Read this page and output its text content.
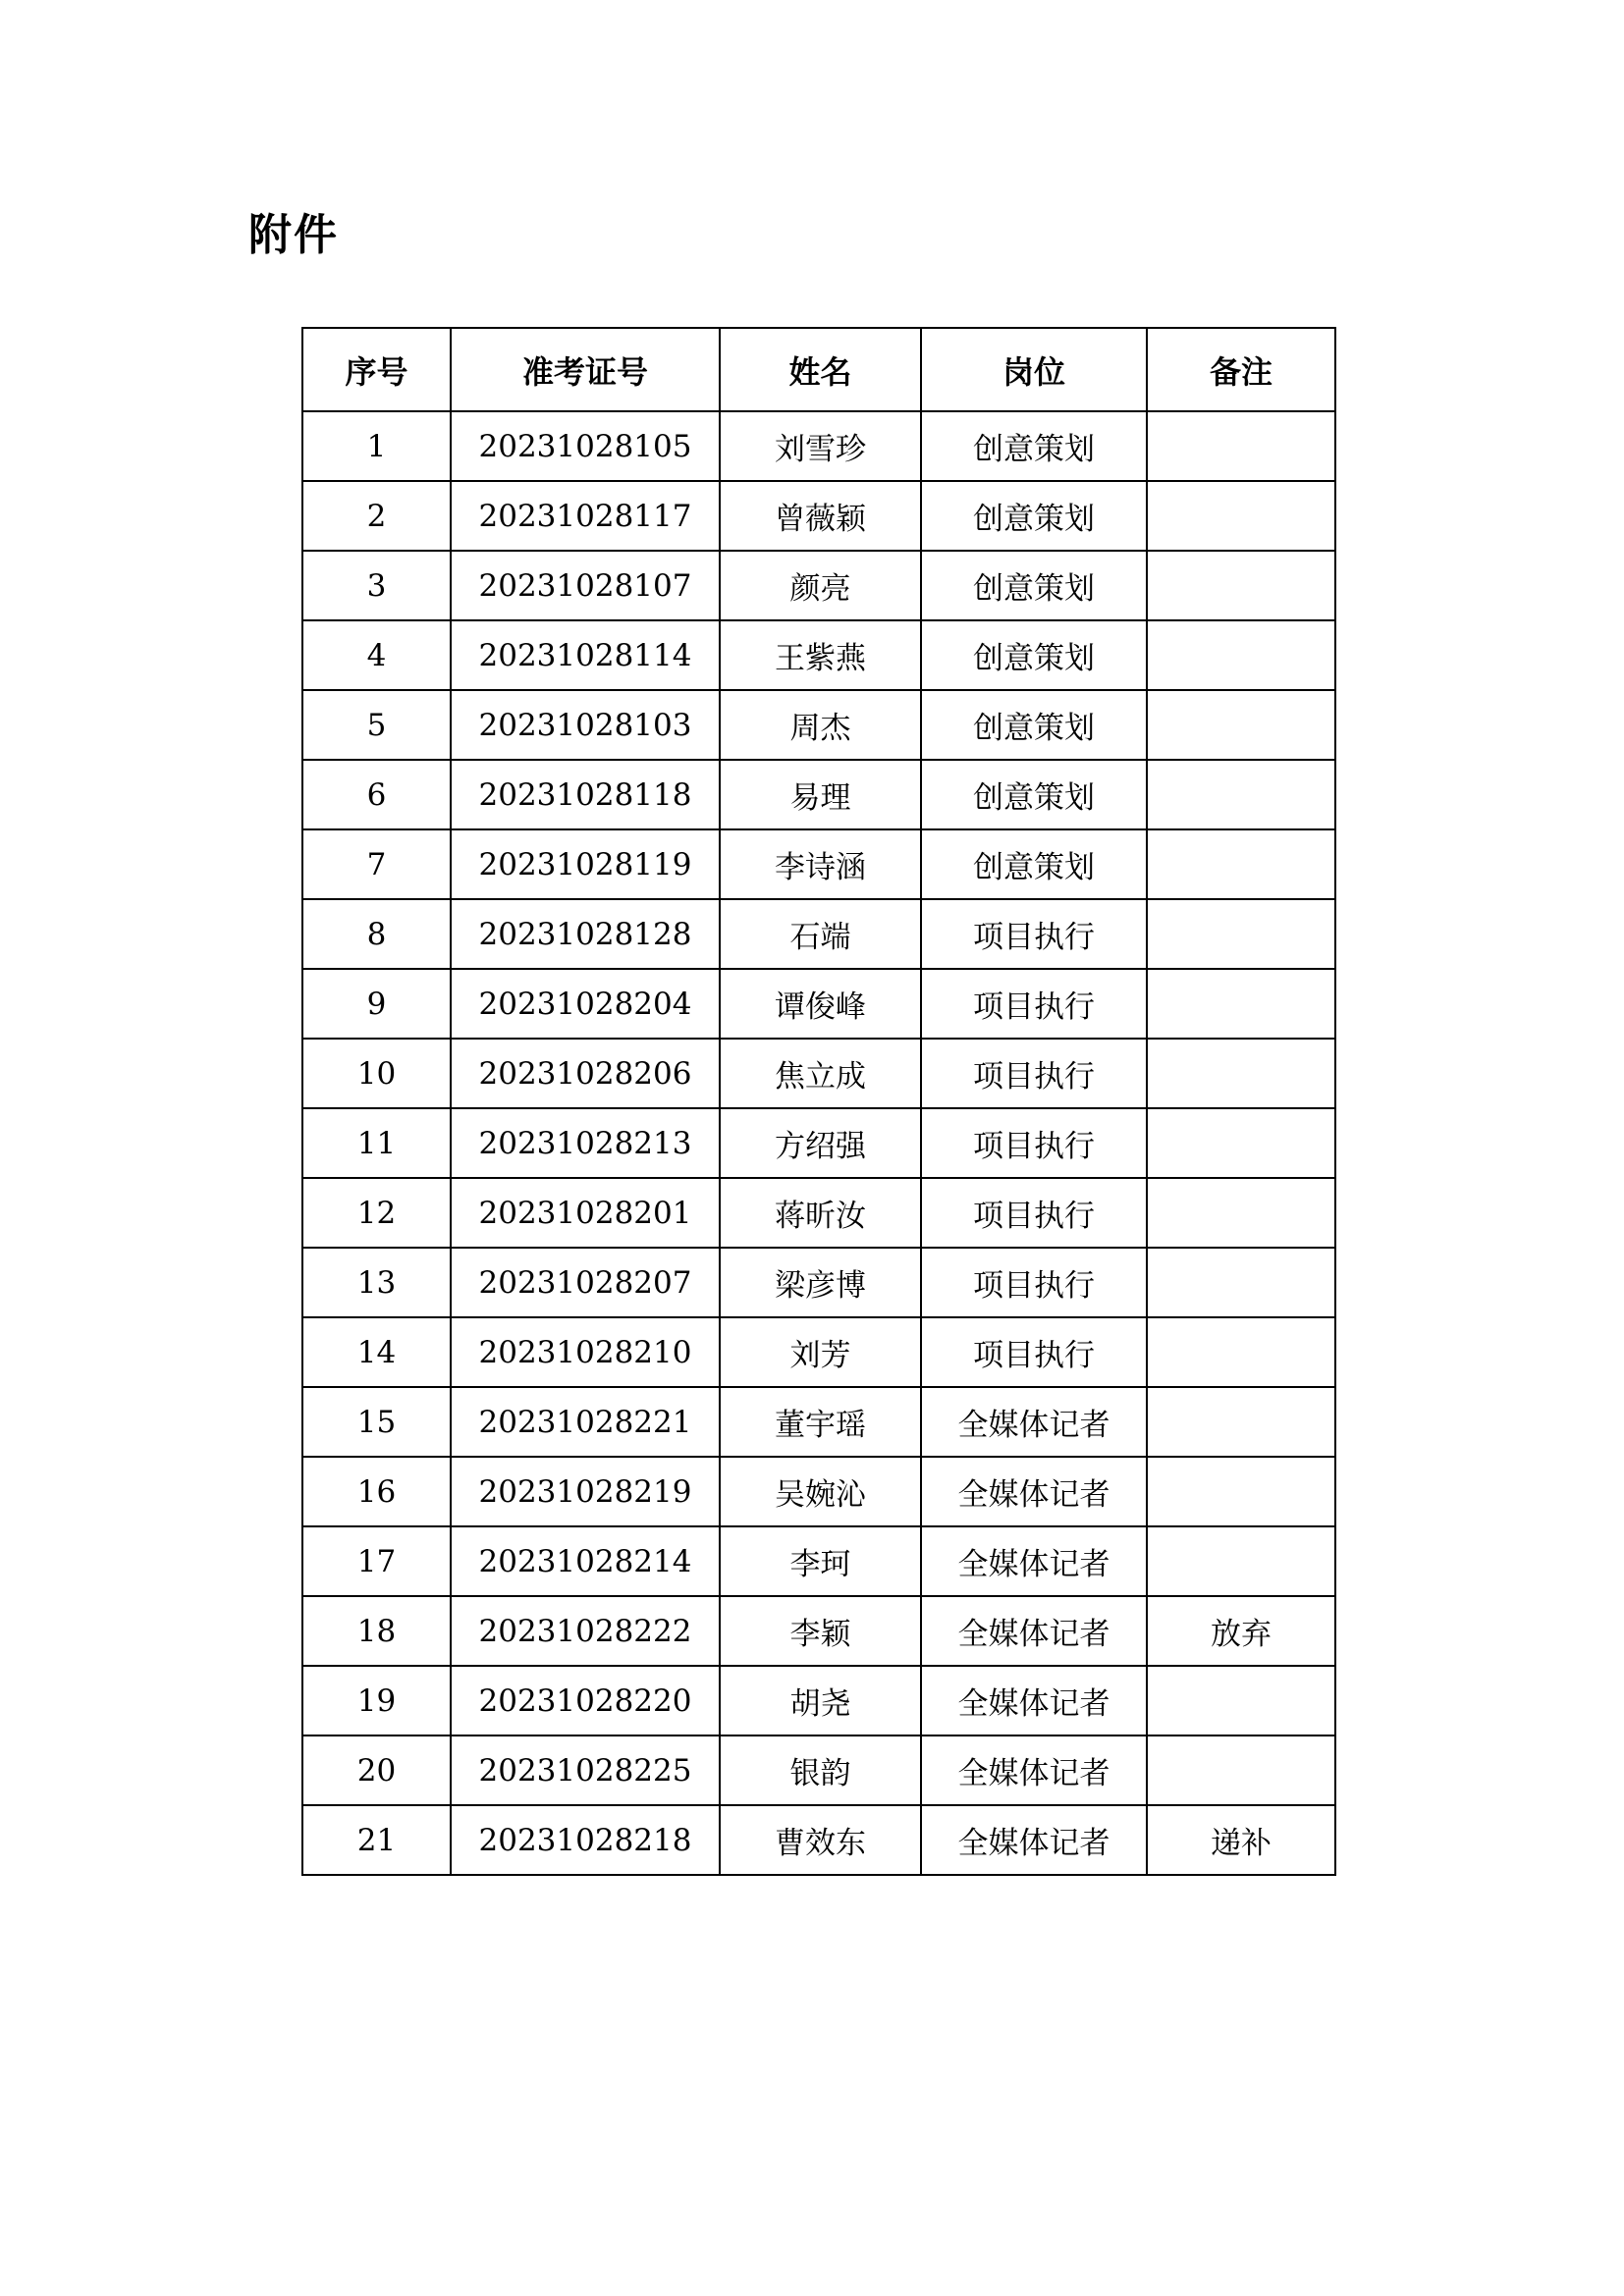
附件
序号	准考证号	姓名	岗位	备注
1	20231028105	刘雪珍	创意策划	
2	20231028117	曾薇颖	创意策划	
3	20231028107	颜亮	创意策划	
4	20231028114	王紫燕	创意策划	
5	20231028103	周杰	创意策划	
6	20231028118	易理	创意策划	
7	20231028119	李诗涵	创意策划	
8	20231028128	石端	项目执行	
9	20231028204	谭俊峰	项目执行	
10	20231028206	焦立成	项目执行	
11	20231028213	方绍强	项目执行	
12	20231028201	蒋昕汝	项目执行	
13	20231028207	梁彦博	项目执行	
14	20231028210	刘芳	项目执行	
15	20231028221	董宇瑶	全媒体记者	
16	20231028219	吴婉沁	全媒体记者	
17	20231028214	李珂	全媒体记者	
18	20231028222	李颖	全媒体记者	放弃
19	20231028220	胡尧	全媒体记者	
20	20231028225	银韵	全媒体记者	
21	20231028218	曹效东	全媒体记者	递补
